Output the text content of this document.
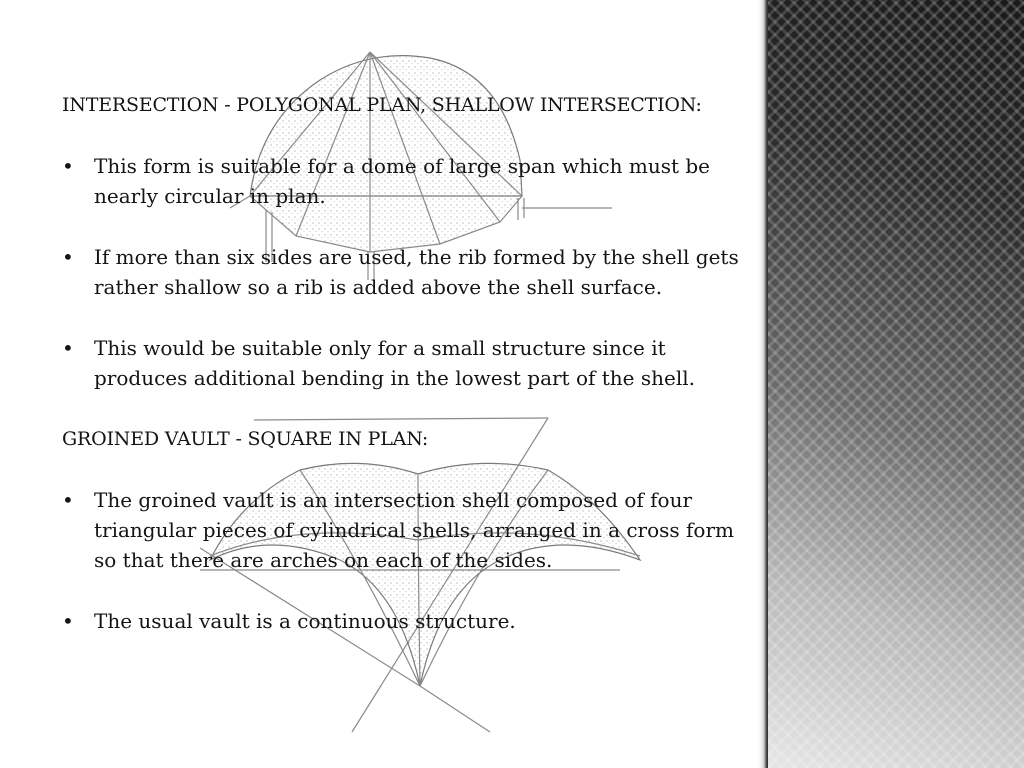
INTERSECTION - POLYGONAL PLAN, SHALLOW INTERSECTION:

• This form is suitable for a dome of large span which must be nearly circular in plan.
• If more than six sides are used, the rib formed by the shell gets rather shallow so a rib is added above the shell surface.
• This would be suitable only for a small structure since it produces additional bending in the lowest part of the shell.

GROINED VAULT - SQUARE IN PLAN:

• The groined vault is an intersection shell composed of four triangular pieces of cylindrical shells, arranged in a cross form so that there are arches on each of the sides.
• The usual vault is a continuous structure.
